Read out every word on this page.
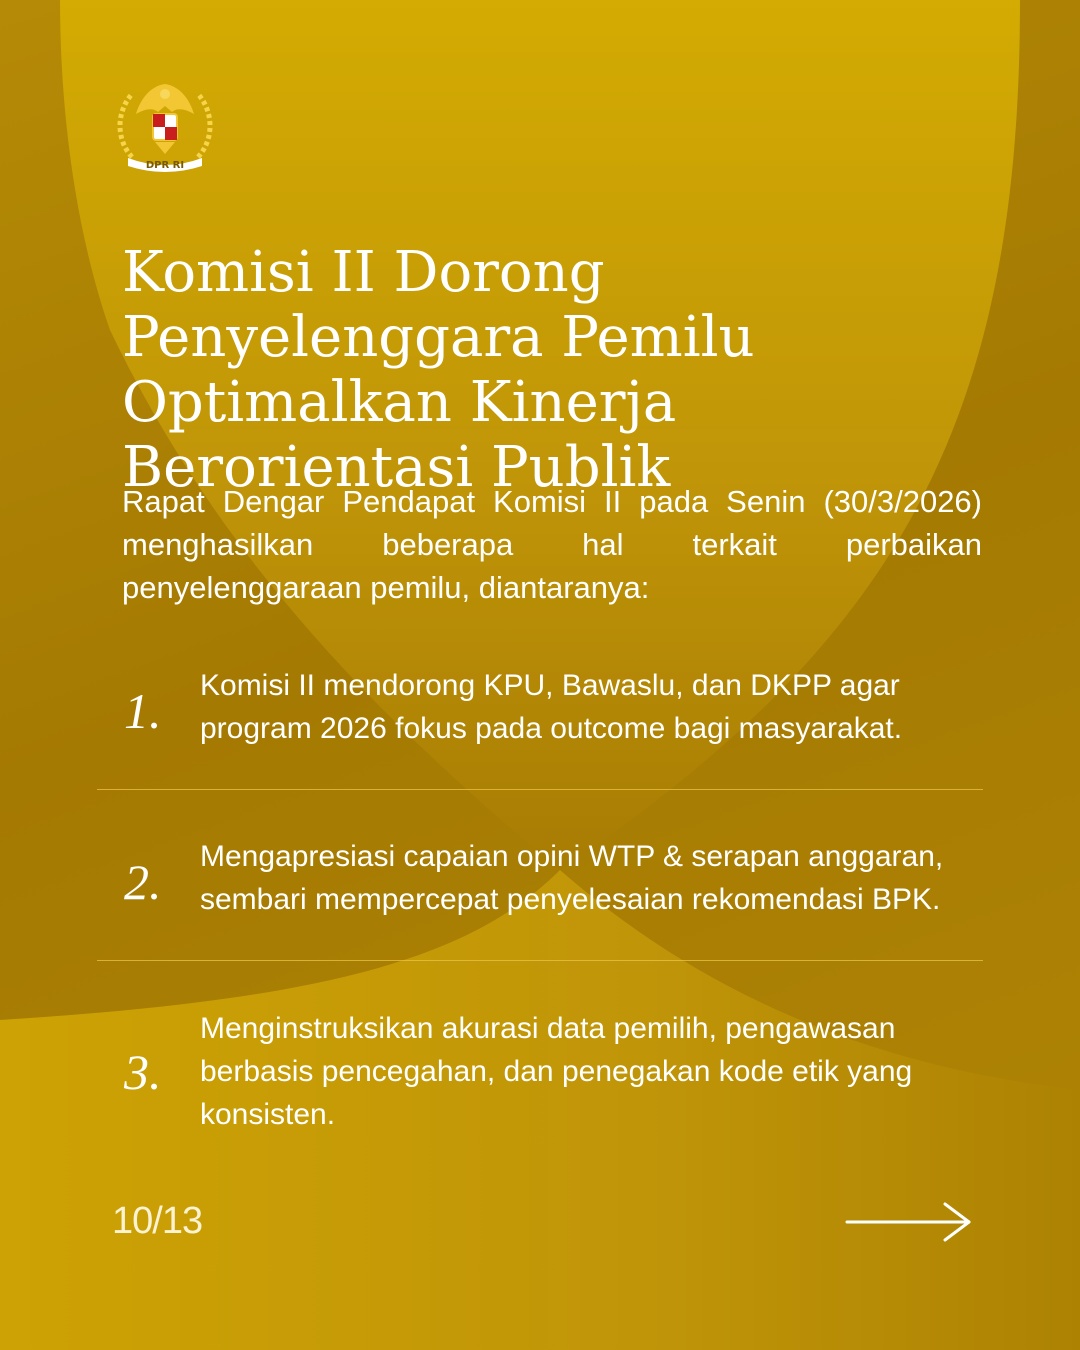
DPR RI
Komisi II Dorong Penyelenggara Pemilu Optimalkan Kinerja Berorientasi Publik

Rapat Dengar Pendapat Komisi II pada Senin (30/3/2026) menghasilkan beberapa hal terkait perbaikan penyelenggaraan pemilu, diantaranya:

1. Komisi II mendorong KPU, Bawaslu, dan DKPP agar program 2026 fokus pada outcome bagi masyarakat.

2. Mengapresiasi capaian opini WTP & serapan anggaran, sembari mempercepat penyelesaian rekomendasi BPK.

3.

Menginstruksikan akurasi data pemilih, pengawasan berbasis pencegahan, dan penegakan kode etik yang konsisten.

10/13
